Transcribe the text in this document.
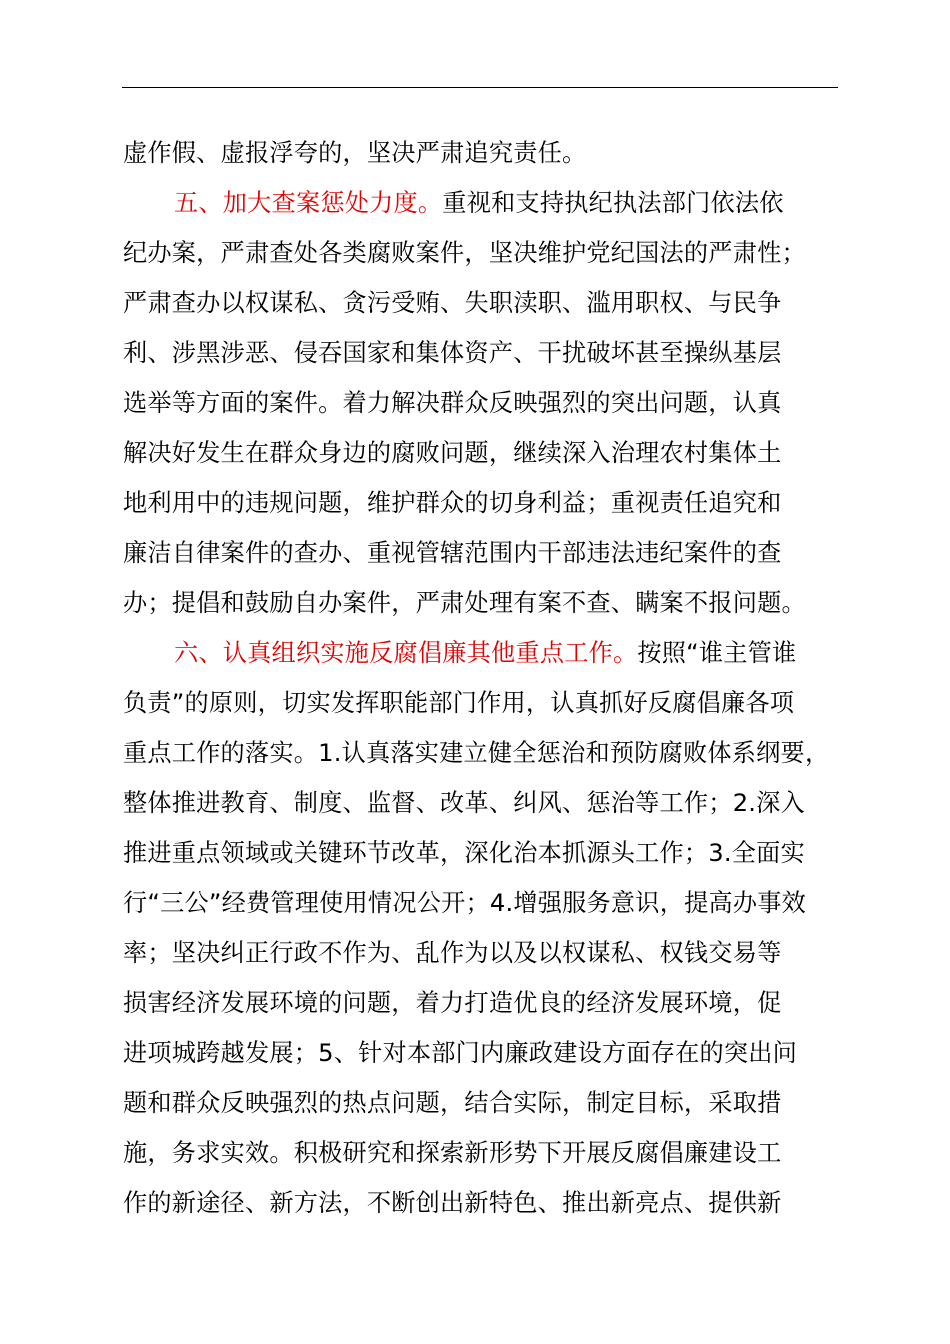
虚作假、虚报浮夸的，坚决严肃追究责任。
五、加大查案惩处力度。重视和支持执纪执法部门依法依
纪办案，严肃查处各类腐败案件，坚决维护党纪国法的严肃性；
严肃查办以权谋私、贪污受贿、失职渎职、滥用职权、与民争
利、涉黑涉恶、侵吞国家和集体资产、干扰破坏甚至操纵基层
选举等方面的案件。着力解决群众反映强烈的突出问题，认真
解决好发生在群众身边的腐败问题，继续深入治理农村集体土
地利用中的违规问题，维护群众的切身利益；重视责任追究和
廉洁自律案件的查办、重视管辖范围内干部违法违纪案件的查
办；提倡和鼓励自办案件，严肃处理有案不查、瞒案不报问题。
六、认真组织实施反腐倡廉其他重点工作。按照“谁主管谁
负责”的原则，切实发挥职能部门作用，认真抓好反腐倡廉各项
重点工作的落实。1.认真落实建立健全惩治和预防腐败体系纲要，
整体推进教育、制度、监督、改革、纠风、惩治等工作；2.深入
推进重点领域或关键环节改革，深化治本抓源头工作；3.全面实
行“三公”经费管理使用情况公开；4.增强服务意识，提高办事效
率；坚决纠正行政不作为、乱作为以及以权谋私、权钱交易等
损害经济发展环境的问题，着力打造优良的经济发展环境，促
进项城跨越发展；5、针对本部门内廉政建设方面存在的突出问
题和群众反映强烈的热点问题，结合实际，制定目标，采取措
施，务求实效。积极研究和探索新形势下开展反腐倡廉建设工
作的新途径、新方法，不断创出新特色、推出新亮点、提供新
